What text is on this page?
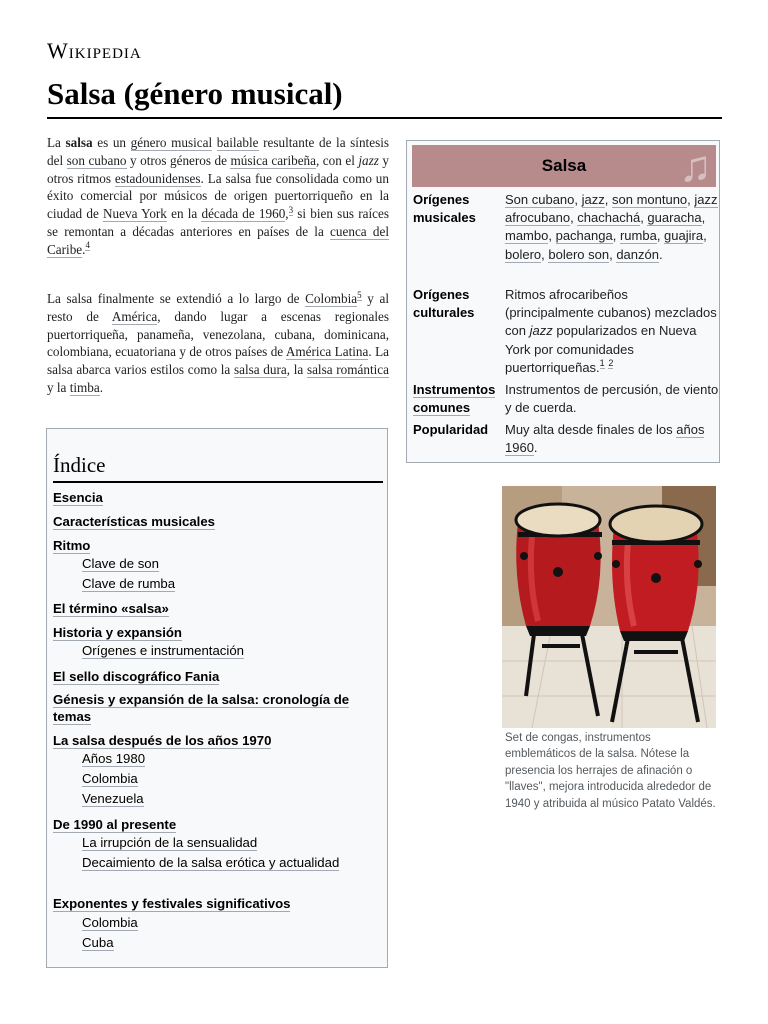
Wikipedia
Salsa (género musical)

La salsa es un género musical bailable resultante de la síntesis del son cubano y otros géneros de música caribeña, con el jazz y otros ritmos estadounidenses. La salsa fue consolidada como un éxito comercial por músicos de origen puertorriqueño en la ciudad de Nueva York en la década de 1960,$^3$ si bien sus raíces se remontan a décadas anteriores en países de la cuenca del Caribe.$^4$

La salsa finalmente se extendió a lo largo de Colombia$^5$ y al resto de América, dando lugar a escenas regionales puertorriqueña, panameña, venezolana, cubana, dominicana, colombiana, ecuatoriana y de otros países de América Latina. La salsa abarca varios estilos como la salsa dura, la salsa romántica y la timba.

Salsa ♫
Orígenes
musicales
Son cubano, jazz, son montuno, jazz afrocubano, chachachá, guaracha, mambo, pachanga, rumba, guajira, bolero, bolero son, danzón.
Orígenes
culturales
Ritmos afrocaribeños (principalmente cubanos) mezclados con jazz popularizados en Nueva York por comunidades puertorriqueñas.$^1$ $^2$
Instrumentos
comunes
Instrumentos de percusión, de viento y de cuerda.
Popularidad	Muy alta desde finales de los años 1960.
Set de congas, instrumentos emblemáticos de la salsa. Nótese la presencia los herrajes de afinación o "llaves", mejora introducida alrededor de 1940 y atribuida al músico Patato Valdés.
Índice
Esencia
Características musicales
Ritmo
Clave de son
Clave de rumba
El término «salsa»
Historia y expansión
Orígenes e instrumentación
El sello discográfico Fania
Génesis y expansión de la salsa: cronología de temas
La salsa después de los años 1970
Años 1980
Colombia
Venezuela
De 1990 al presente
La irrupción de la sensualidad
Decaimiento de la salsa erótica y actualidad
Exponentes y festivales significativos
Colombia
Cuba
